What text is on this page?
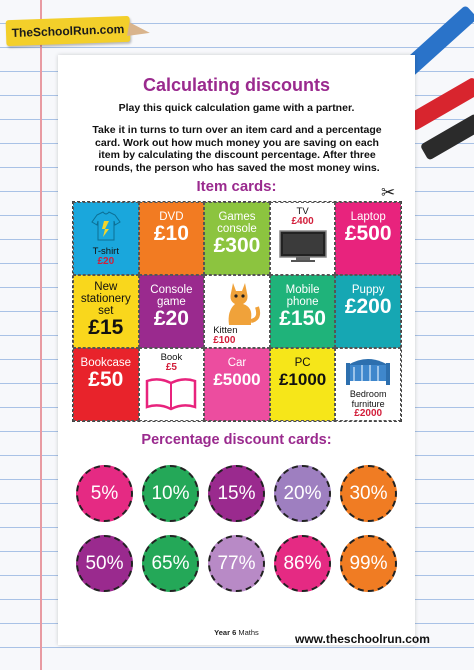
TheSchoolRun.com
Calculating discounts
Play this quick calculation game with a partner.
Take it in turns to turn over an item card and a percentage card. Work out how much money you are saving on each item by calculating the discount percentage. After three rounds, the person who has saved the most money wins.
Item cards:	✂
T-shirt
£20
DVD
£10
Games console
£300
TV
£400	Laptop
£500
New stationery set
£15
Console game
£20
Kitten
£100
Mobile phone
£150
Puppy
£200
Bookcase
£50
Book
£5	Car
£5000
PC
£1000
Bedroom furniture
£2000
Percentage discount cards:
5%	10%	15%	20%	30%
50%	65%	77%	86%	99%
Year 6 Maths	www.theschoolrun.com
